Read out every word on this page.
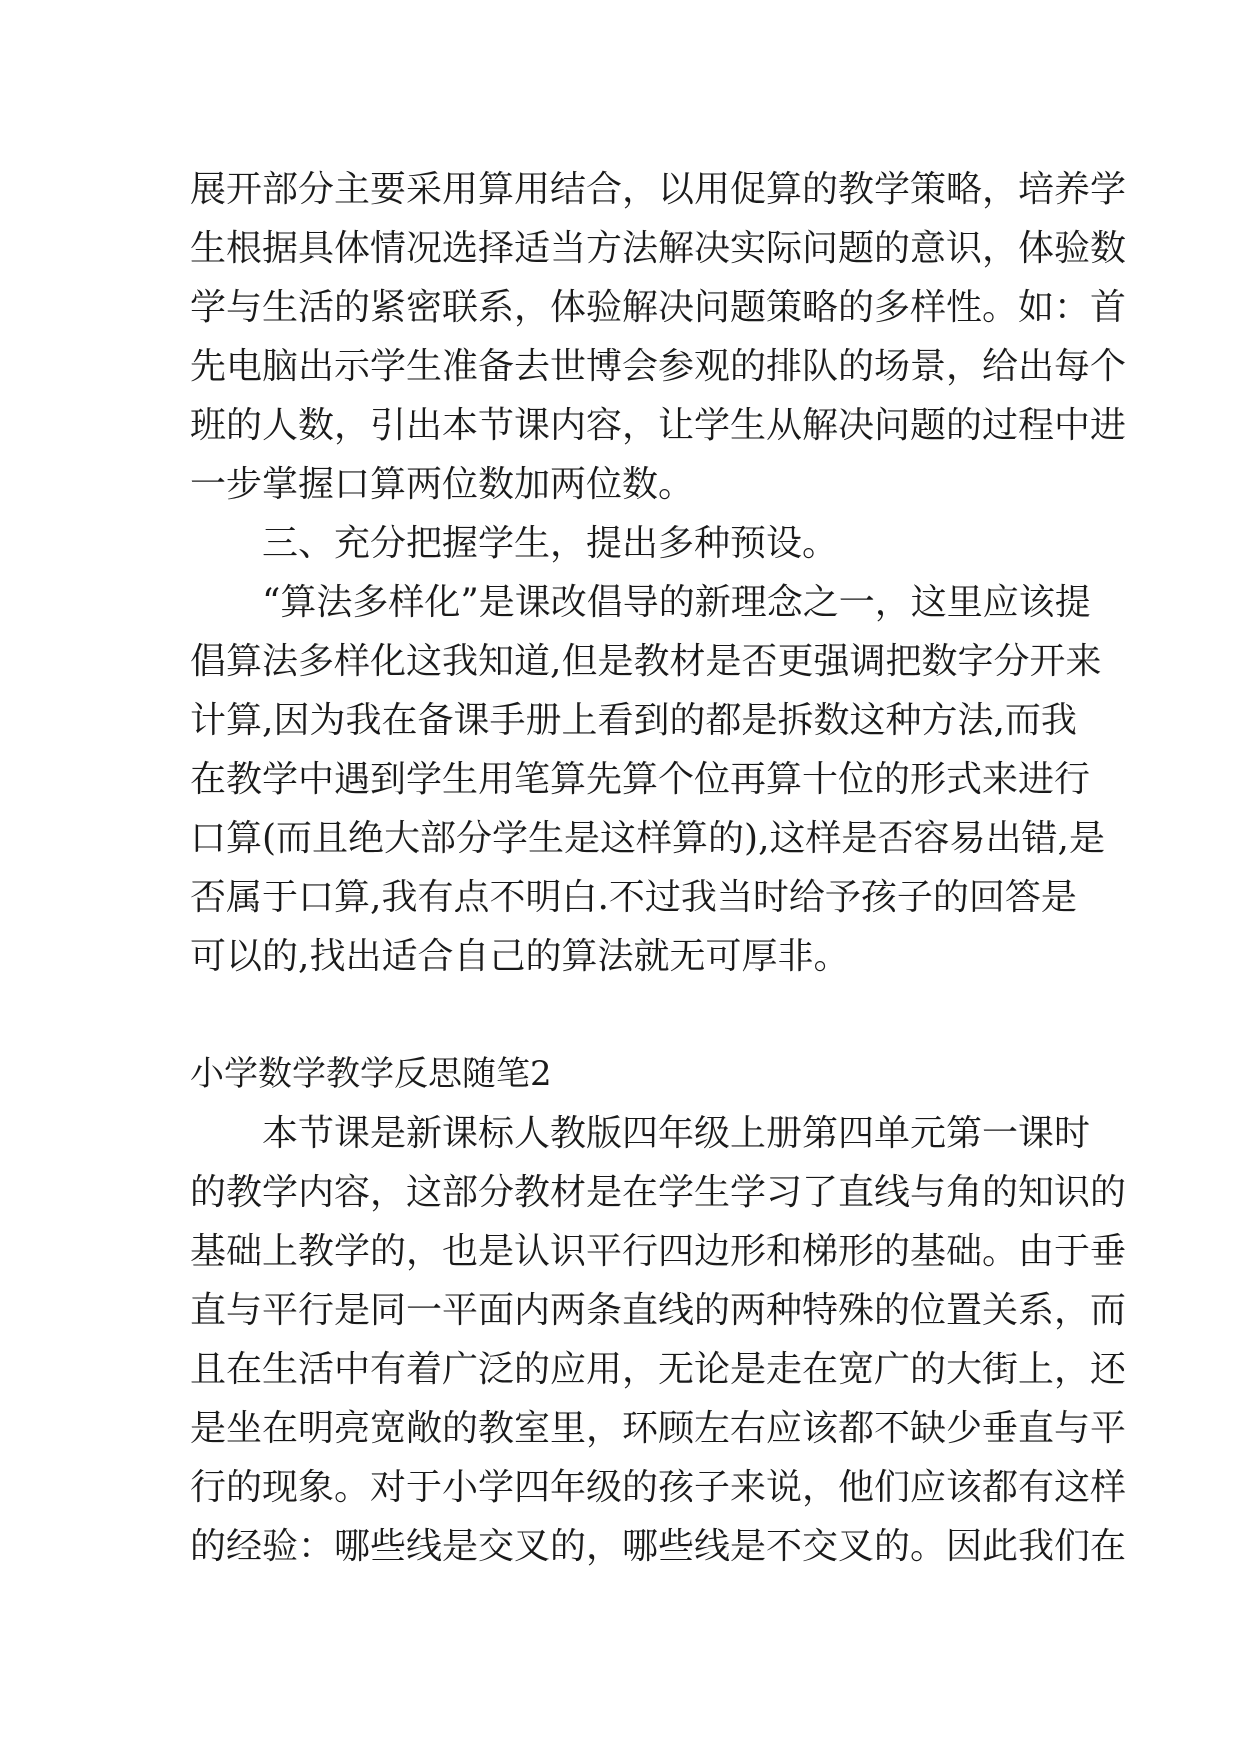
展开部分主要采用算用结合，以用促算的教学策略，培养学
生根据具体情况选择适当方法解决实际问题的意识，体验数
学与生活的紧密联系，体验解决问题策略的多样性。如：首
先电脑出示学生准备去世博会参观的排队的场景，给出每个
班的人数，引出本节课内容，让学生从解决问题的过程中进
一步掌握口算两位数加两位数。
三、充分把握学生，提出多种预设。
“算法多样化”是课改倡导的新理念之一，这里应该提
倡算法多样化这我知道,但是教材是否更强调把数字分开来
计算,因为我在备课手册上看到的都是拆数这种方法,而我
在教学中遇到学生用笔算先算个位再算十位的形式来进行
口算(而且绝大部分学生是这样算的),这样是否容易出错,是
否属于口算,我有点不明白.不过我当时给予孩子的回答是
可以的,找出适合自己的算法就无可厚非。
小学数学教学反思随笔2
本节课是新课标人教版四年级上册第四单元第一课时
的教学内容，这部分教材是在学生学习了直线与角的知识的
基础上教学的，也是认识平行四边形和梯形的基础。由于垂
直与平行是同一平面内两条直线的两种特殊的位置关系，而
且在生活中有着广泛的应用，无论是走在宽广的大街上，还
是坐在明亮宽敞的教室里，环顾左右应该都不缺少垂直与平
行的现象。对于小学四年级的孩子来说，他们应该都有这样
的经验：哪些线是交叉的，哪些线是不交叉的。因此我们在
